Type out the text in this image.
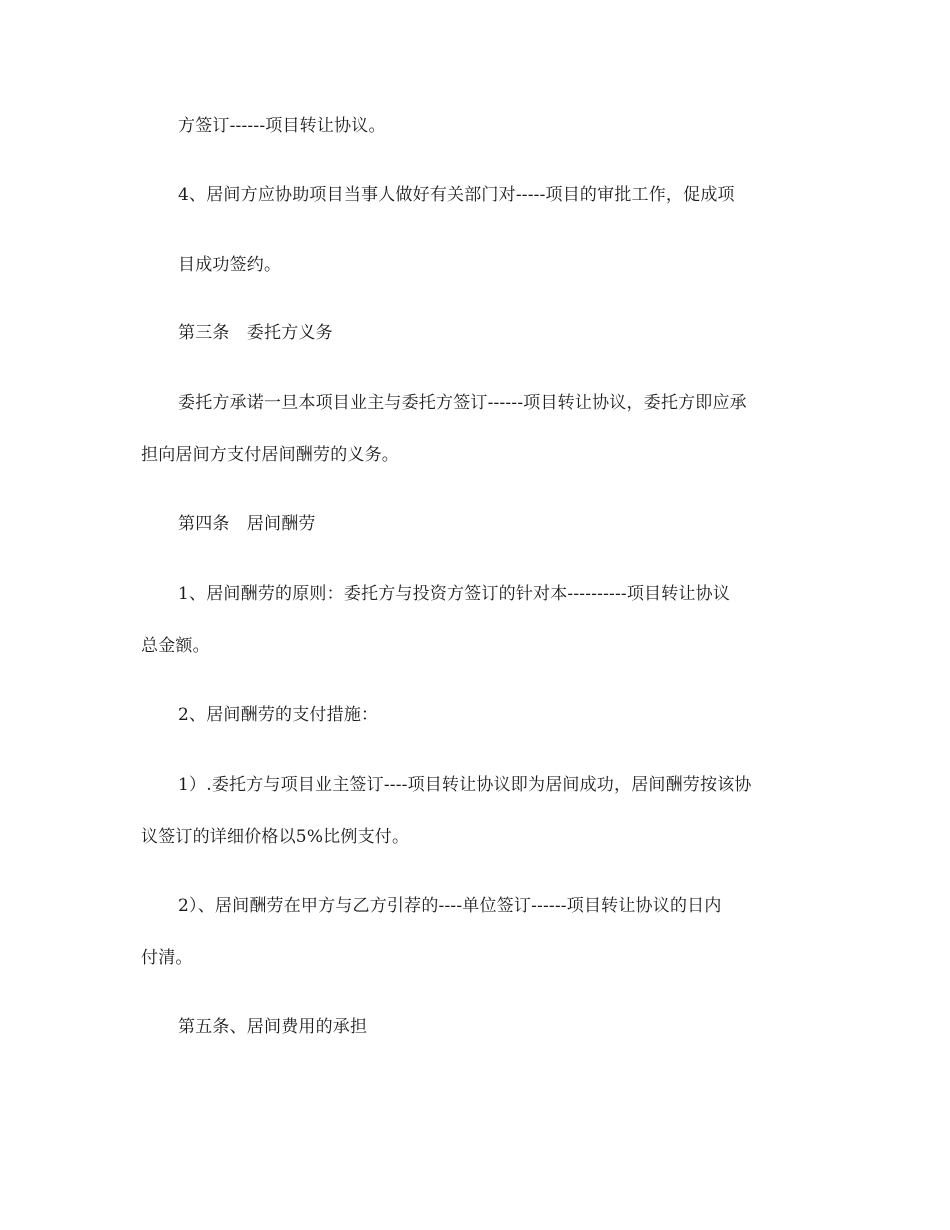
方签订------项目转让协议。
4、居间方应协助项目当事人做好有关部门对-----项目的审批工作，促成项
目成功签约。
第三条　委托方义务
委托方承诺一旦本项目业主与委托方签订------项目转让协议，委托方即应承
担向居间方支付居间酬劳的义务。
第四条　居间酬劳
1、居间酬劳的原则：委托方与投资方签订的针对本----------项目转让协议
总金额。
2、居间酬劳的支付措施：
1）.委托方与项目业主签订----项目转让协议即为居间成功，居间酬劳按该协
议签订的详细价格以5%比例支付。
2）、居间酬劳在甲方与乙方引荐的----单位签订------项目转让协议的日内
付清。
第五条、居间费用的承担
